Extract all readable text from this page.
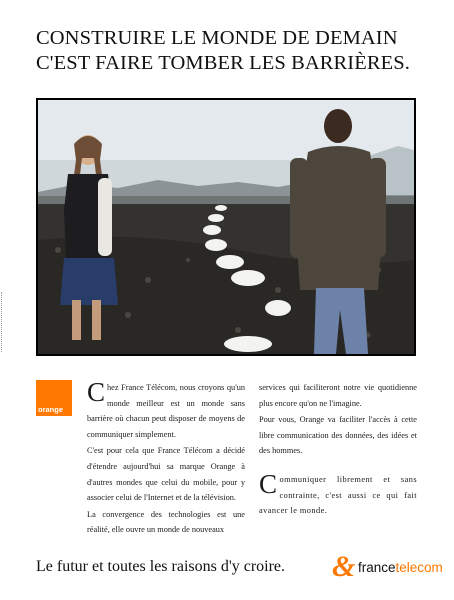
CONSTRUIRE LE MONDE DE DEMAIN
C'EST FAIRE TOMBER LES BARRIÈRES.
orange

Chez France Télécom, nous croyons qu'un monde meilleur est un monde sans barrière où chacun peut disposer de moyens de communiquer simplement.

C'est pour cela que France Télécom a décidé d'étendre aujourd'hui sa marque Orange à d'autres mondes que celui du mobile, pour y associer celui de l'Internet et de la télévision.

La convergence des technologies est une réalité, elle ouvre un monde de nouveaux

services qui faciliteront notre vie quotidienne plus encore qu'on ne l'imagine.

Pour vous, Orange va faciliter l'accès à cette libre communication des données, des idées et des hommes.

Communiquer librement et sans contrainte, c'est aussi ce qui fait avancer le monde.

Le futur et toutes les raisons d'y croire. & francetelecom
